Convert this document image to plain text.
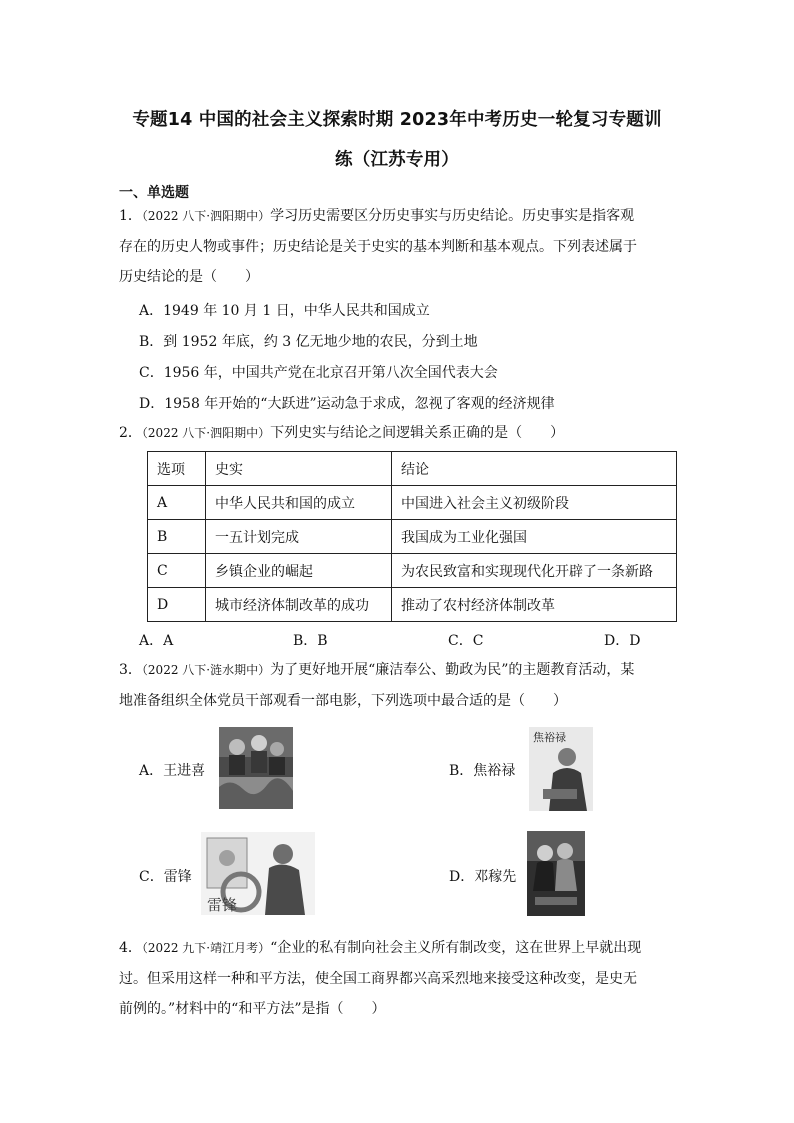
专题14 中国的社会主义探索时期 2023年中考历史一轮复习专题训
练（江苏专用）
一、单选题
1．（2022 八下·泗阳期中）学习历史需要区分历史事实与历史结论。历史事实是指客观
存在的历史人物或事件；历史结论是关于史实的基本判断和基本观点。下列表述属于
历史结论的是（　　）
A．1949 年 10 月 1 日，中华人民共和国成立
B．到 1952 年底，约 3 亿无地少地的农民，分到土地
C．1956 年，中国共产党在北京召开第八次全国代表大会
D．1958 年开始的“大跃进”运动急于求成，忽视了客观的经济规律
2．（2022 八下·泗阳期中）下列史实与结论之间逻辑关系正确的是（　　）
选项	史实	结论
A	中华人民共和国的成立	中国进入社会主义初级阶段
B	一五计划完成	我国成为工业化强国
C	乡镇企业的崛起	为农民致富和实现现代化开辟了一条新路
D	城市经济体制改革的成功	推动了农村经济体制改革
A．A	B．B	C．C	D．D
3．（2022 八下·涟水期中）为了更好地开展“廉洁奉公、勤政为民”的主题教育活动，某
地准备组织全体党员干部观看一部电影，下列选项中最合适的是（　　）
A．王进喜	B．焦裕禄
焦裕禄
C．雷锋
雷锋
D．邓稼先
4．（2022 九下·靖江月考）“企业的私有制向社会主义所有制改变，这在世界上早就出现
过。但采用这样一种和平方法，使全国工商界都兴高采烈地来接受这种改变，是史无
前例的。”材料中的“和平方法”是指（　　）
